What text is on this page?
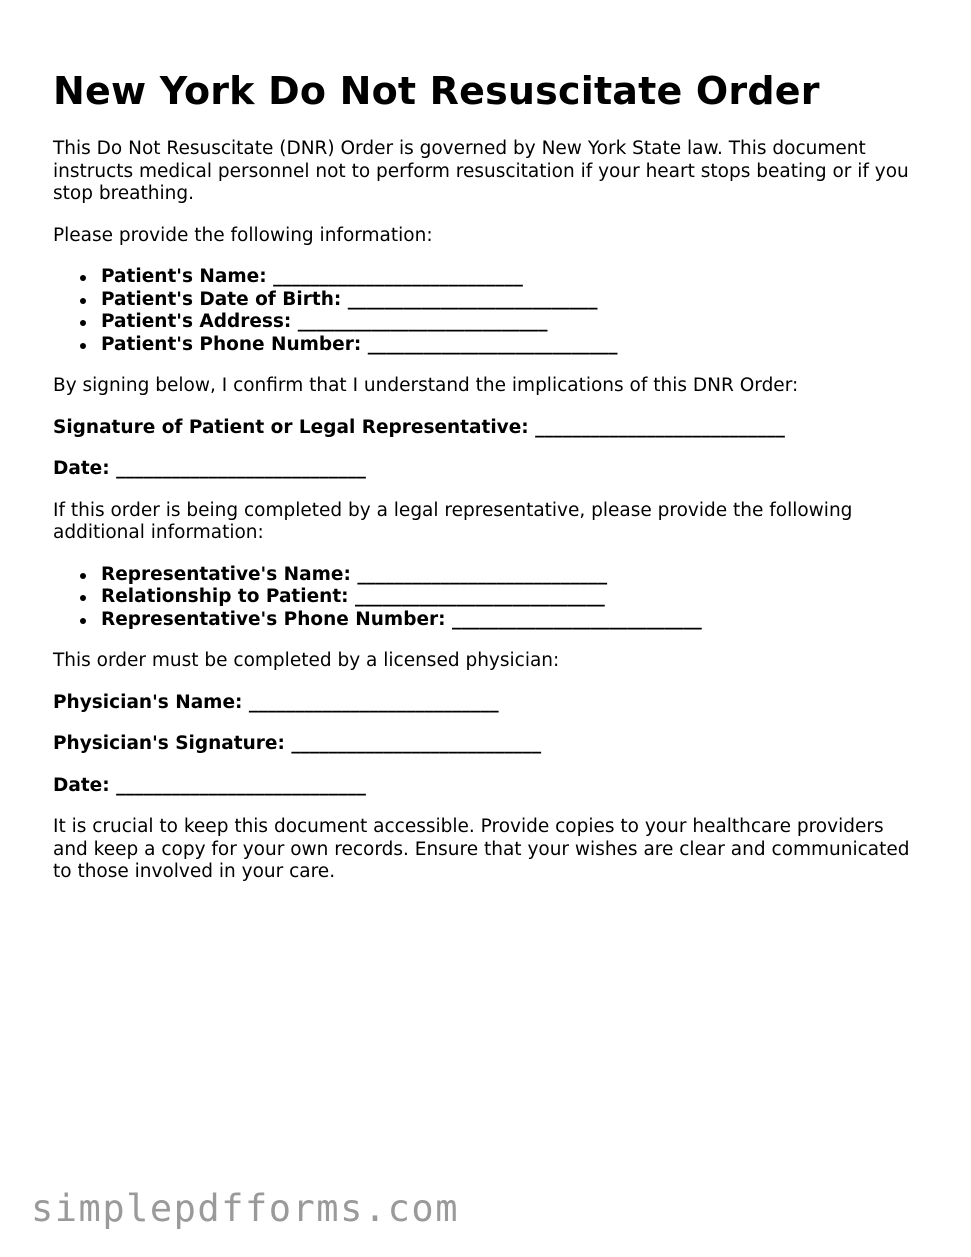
New York Do Not Resuscitate Order

This Do Not Resuscitate (DNR) Order is governed by New York State law. This document instructs medical personnel not to perform resuscitation if your heart stops beating or if you stop breathing.

Please provide the following information:

Patient's Name: ___________________________
Patient's Date of Birth: ___________________________
Patient's Address: ___________________________
Patient's Phone Number: ___________________________

By signing below, I confirm that I understand the implications of this DNR Order:

Signature of Patient or Legal Representative: ___________________________
Date: ___________________________

If this order is being completed by a legal representative, please provide the following additional information:

Representative's Name: ___________________________
Relationship to Patient: ___________________________
Representative's Phone Number: ___________________________

This order must be completed by a licensed physician:

Physician's Name: ___________________________
Physician's Signature: ___________________________
Date: ___________________________

It is crucial to keep this document accessible. Provide copies to your healthcare providers and keep a copy for your own records. Ensure that your wishes are clear and communicated to those involved in your care.

simplepdfforms.com
